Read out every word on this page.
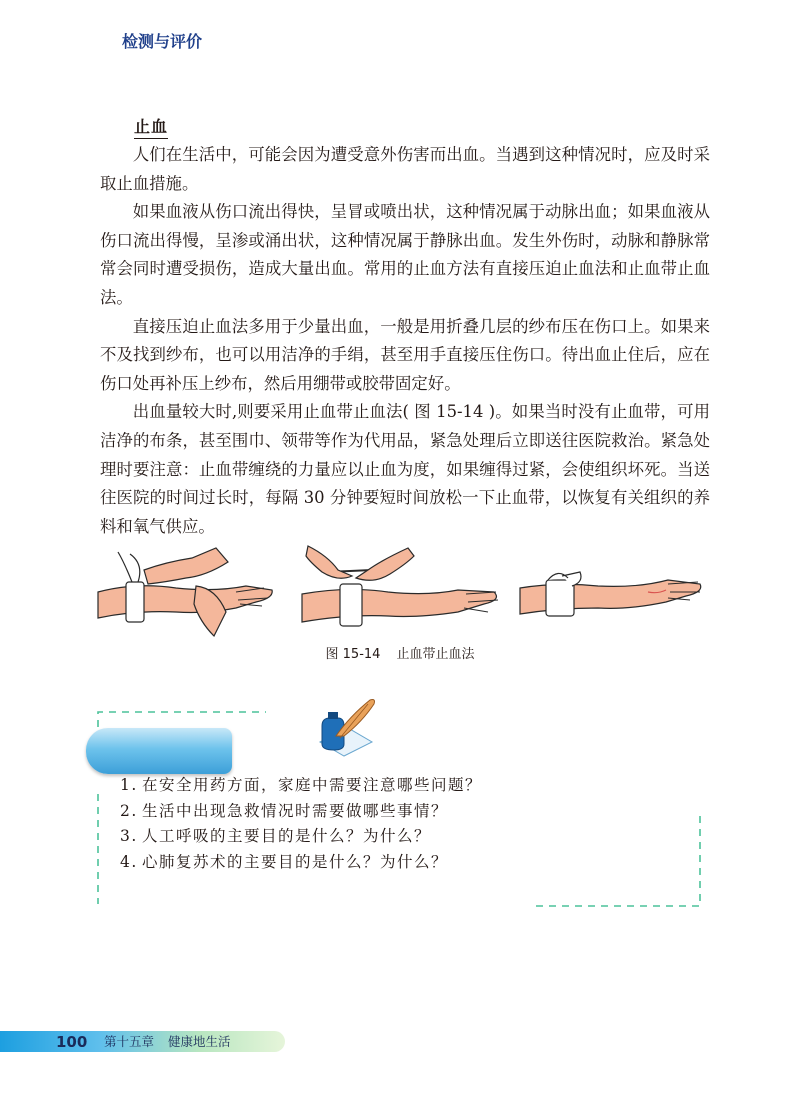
止血

人们在生活中，可能会因为遭受意外伤害而出血。当遇到这种情况时，应及时采取止血措施。

如果血液从伤口流出得快，呈冒或喷出状，这种情况属于动脉出血；如果血液从伤口流出得慢，呈渗或涌出状，这种情况属于静脉出血。发生外伤时，动脉和静脉常常会同时遭受损伤，造成大量出血。常用的止血方法有直接压迫止血法和止血带止血法。

直接压迫止血法多用于少量出血，一般是用折叠几层的纱布压在伤口上。如果来不及找到纱布，也可以用洁净的手绢，甚至用手直接压住伤口。待出血止住后，应在伤口处再补压上纱布，然后用绷带或胶带固定好。

出血量较大时,则要采用止血带止血法( 图 15-14 )。如果当时没有止血带，可用洁净的布条，甚至围巾、领带等作为代用品，紧急处理后立即送往医院救治。紧急处理时要注意：止血带缠绕的力量应以止血为度，如果缠得过紧，会使组织坏死。当送往医院的时间过长时，每隔 30 分钟要短时间放松一下止血带，以恢复有关组织的养料和氧气供应。

图 15-14 止血带止血法
检测与评价
1. 在安全用药方面，家庭中需要注意哪些问题？
2. 生活中出现急救情况时需要做哪些事情？
3. 人工呼吸的主要目的是什么？为什么？
4. 心肺复苏术的主要目的是什么？为什么？
100	第十五章 健康地生活
